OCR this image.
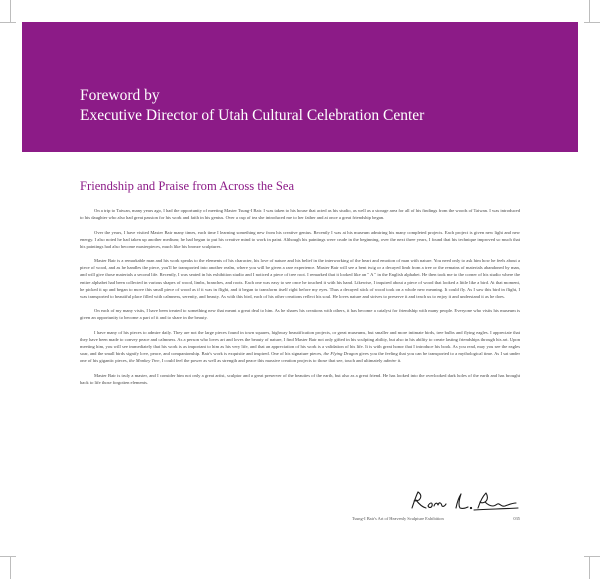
Foreword by
Executive Director of Utah Cultural Celebration Center
Friendship and Praise from Across the Sea

On a trip to Taiwan, many years ago, I had the opportunity of meeting Master Tsung-I Bair. I was taken to his house that acted as his studio, as well as a storage area for all of his findings from the woods of Taiwan. I was introduced to his daughter who also had great passion for his work and faith in his genius. Over a cup of tea she introduced me to her father and at once a great friendship began.

Over the years, I have visited Master Bair many times, each time I learning something new from his creative genius. Recently I was at his museum admiring his many completed projects. Each project is given new light and new energy. I also noted he had taken up another medium; he had begun to put his creative mind to work in paint. Although his paintings were crude in the beginning, over the next three years, I found that his technique improved so much that his paintings had also become masterpieces, much like his bronze sculptures.

Master Bair is a remarkable man and his work speaks to the elements of his character, his love of nature and his belief in the interworking of the heart and emotion of man with nature. You need only to ask him how he feels about a piece of wood, and as he handles the piece, you'll be transported into another realm, where you will be given a rare experience. Master Bair will see a bent twig or a decayed limb from a tree or the remains of materials abandoned by man, and will give those materials a second life. Recently, I was seated in his exhibition studio and I noticed a piece of tree root. I remarked that it looked like an " A " in the English alphabet. He then took me to the corner of his studio where the entire alphabet had been collected in various shapes of wood, limbs, branches, and roots. Each one was easy to see once he touched it with his hand. Likewise, I inquired about a piece of wood that looked a little like a bird. At that moment, he picked it up and began to move this small piece of wood as if it was in flight, and it began to transform itself right before my eyes. Thus a decayed stick of wood took on a whole new meaning. It could fly. As I saw this bird in flight, I was transported to beautiful place filled with calmness, serenity, and beauty. As with this bird, each of his other creations reflect his soul. He loves nature and strives to preserve it and teach us to enjoy it and understand it as he does.

On each of my many visits, I have been treated to something new that meant a great deal to him. As he shares his creations with others, it has become a catalyst for friendship with many people. Everyone who visits his museum is given an opportunity to become a part of it and to share in the beauty.

I have many of his pieces to admire daily. They are not the large pieces found in town squares, highway beautification projects, or great museums, but smaller and more intimate birds, tree bulbs and flying eagles. I appreciate that they have been made to convey peace and calmness. As a person who loves art and loves the beauty of nature, I find Master Bair not only gifted in his sculpting ability, but also in his ability to create lasting friendships through his art. Upon meeting him, you will see immediately that his work is as important to him as his very life, and that an appreciation of his work is a validation of his life. It is with great honor that I introduce his book. As you read, may you see the eagles soar, and the small birds signify love, peace, and companionship. Bair's work is exquisite and inspired. One of his signature pieces, the Flying Dragon gives you the feeling that you can be transported to a mythological time. As I sat under one of his gigantic pieces, the Monkey Tree, I could feel the power as well as strength and peace this massive creation projects to those that see, touch and ultimately admire it.

Master Bair is truly a master, and I consider him not only a great artist, sculptor and a great preserver of the beauties of the earth, but also as a great friend. He has looked into the overlooked dark holes of the earth and has brought back to life those forgotten elements.

Tsung-I Bair's Art of Heavenly Sculpture Exhibition	035
